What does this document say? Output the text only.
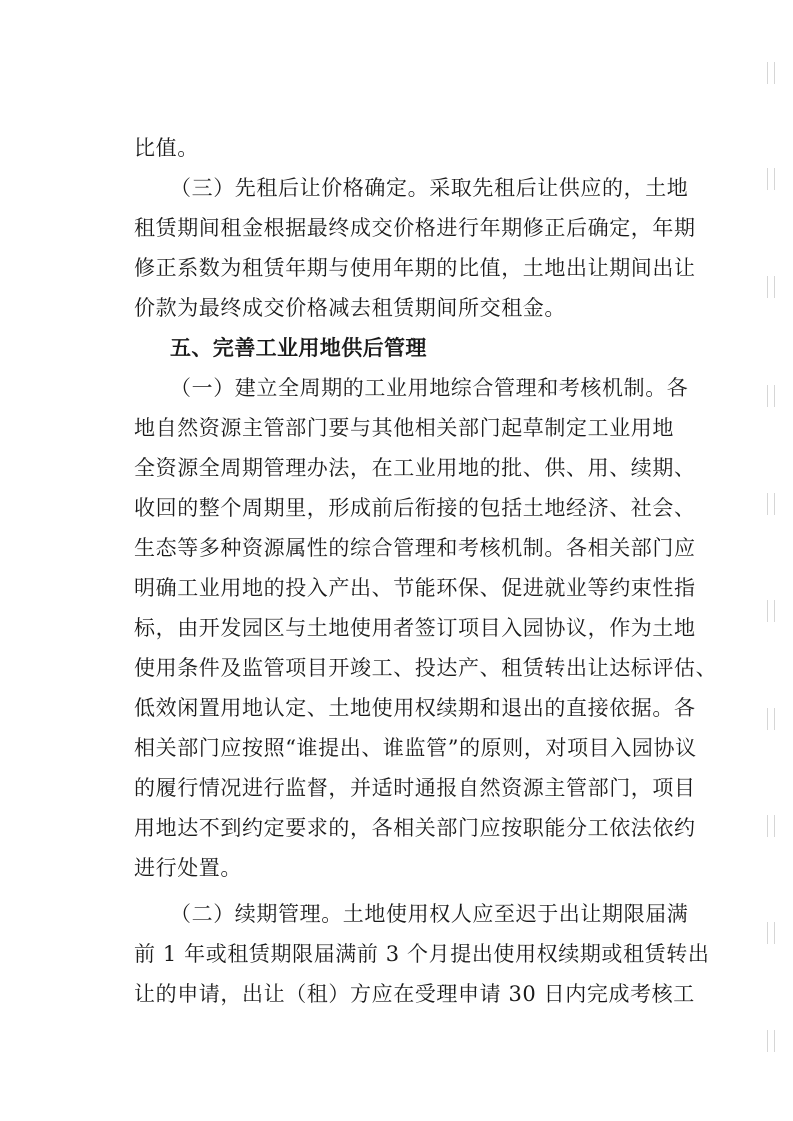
比值。
（三）先租后让价格确定。采取先租后让供应的，土地
租赁期间租金根据最终成交价格进行年期修正后确定，年期
修正系数为租赁年期与使用年期的比值，土地出让期间出让
价款为最终成交价格减去租赁期间所交租金。
五、完善工业用地供后管理
（一）建立全周期的工业用地综合管理和考核机制。各
地自然资源主管部门要与其他相关部门起草制定工业用地
全资源全周期管理办法，在工业用地的批、供、用、续期、
收回的整个周期里，形成前后衔接的包括土地经济、社会、
生态等多种资源属性的综合管理和考核机制。各相关部门应
明确工业用地的投入产出、节能环保、促进就业等约束性指
标，由开发园区与土地使用者签订项目入园协议，作为土地
使用条件及监管项目开竣工、投达产、租赁转出让达标评估、
低效闲置用地认定、土地使用权续期和退出的直接依据。各
相关部门应按照“谁提出、谁监管”的原则，对项目入园协议
的履行情况进行监督，并适时通报自然资源主管部门，项目
用地达不到约定要求的，各相关部门应按职能分工依法依约
进行处置。
（二）续期管理。土地使用权人应至迟于出让期限届满
前 1 年或租赁期限届满前 3 个月提出使用权续期或租赁转出
让的申请，出让（租）方应在受理申请 30 日内完成考核工
